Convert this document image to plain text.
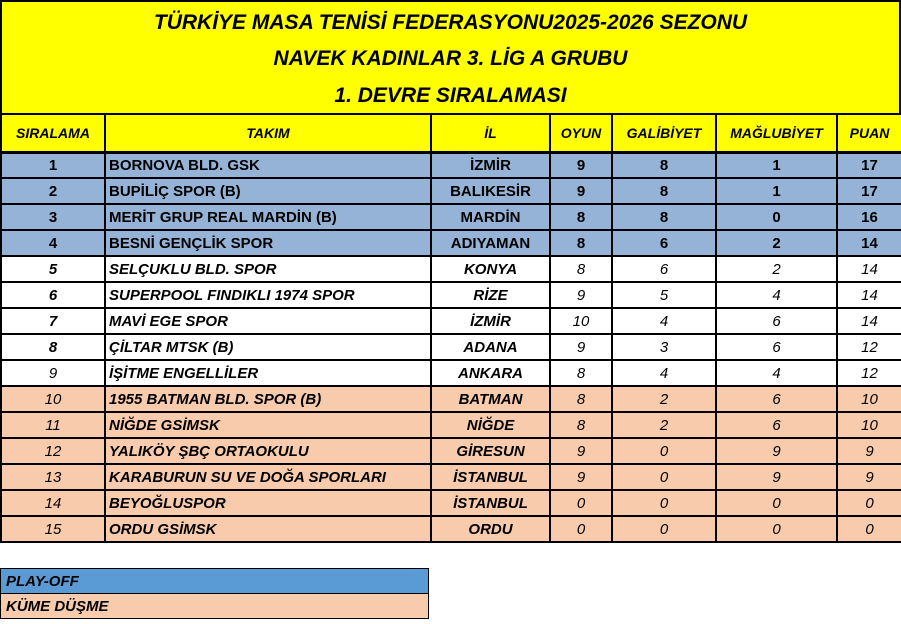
TÜRKİYE MASA TENİSİ FEDERASYONU2025-2026 SEZONU
NAVEK KADINLAR 3. LİG A GRUBU
1. DEVRE SIRALAMASI
SIRALAMA	TAKIM	İL	OYUN	GALİBİYET	MAĞLUBİYET	PUAN
1	BORNOVA BLD. GSK	İZMİR	9	8	1	17
2	BUPİLİÇ SPOR (B)	BALIKESİR	9	8	1	17
3	MERİT GRUP REAL MARDİN (B)	MARDİN	8	8	0	16
4	BESNİ GENÇLİK SPOR	ADIYAMAN	8	6	2	14
5	SELÇUKLU BLD. SPOR	KONYA	8	6	2	14
6	SUPERPOOL FINDIKLI 1974 SPOR	RİZE	9	5	4	14
7	MAVİ EGE SPOR	İZMİR	10	4	6	14
8	ÇİLTAR MTSK (B)	ADANA	9	3	6	12
9	İŞİTME ENGELLİLER	ANKARA	8	4	4	12
10	1955 BATMAN BLD. SPOR (B)	BATMAN	8	2	6	10
11	NİĞDE GSİMSK	NİĞDE	8	2	6	10
12	YALIKÖY ŞBÇ ORTAOKULU	GİRESUN	9	0	9	9
13	KARABURUN SU VE DOĞA SPORLARI	İSTANBUL	9	0	9	9
14	BEYOĞLUSPOR	İSTANBUL	0	0	0	0
15	ORDU GSİMSK	ORDU	0	0	0	0
PLAY-OFF
KÜME DÜŞME
